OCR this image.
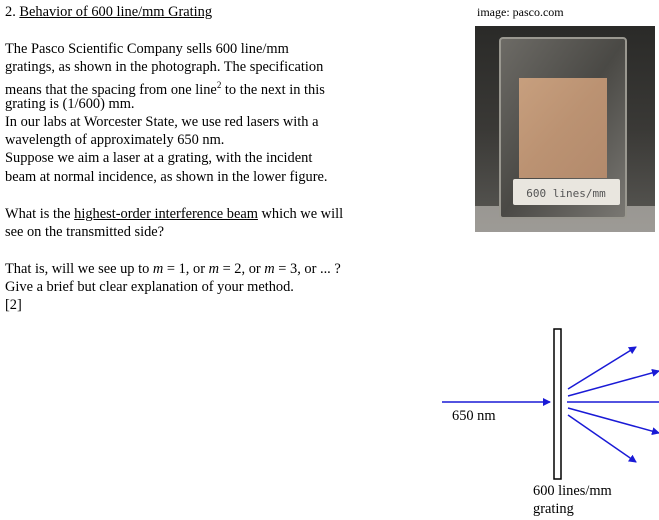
2. Behavior of 600 line/mm Grating
The Pasco Scientific Company sells 600 line/mm
gratings, as shown in the photograph. The specification
means that the spacing from one line$^2$ to the next in this
grating is (1/600) mm.
In our labs at Worcester State, we use red lasers with a
wavelength of approximately 650 nm.
Suppose we aim a laser at a grating, with the incident
beam at normal incidence, as shown in the lower figure.
What is the highest-order interference beam which we will
see on the transmitted side?
That is, will we see up to m = 1, or m = 2, or m = 3, or ... ?
Give a brief but clear explanation of your method.
[2]
image: pasco.com
600 lines/mm
650 nm
600 lines/mm
grating
